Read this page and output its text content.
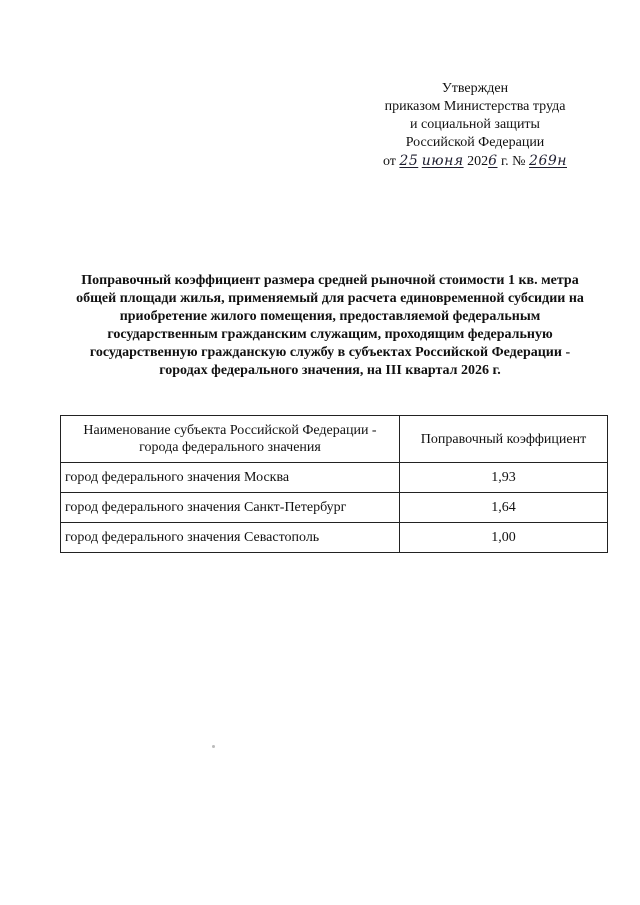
Утвержден
приказом Министерства труда
и социальной защиты
Российской Федерации
от 25 июня 2026 г. № 269н
Поправочный коэффициент размера средней рыночной стоимости 1 кв. метра
общей площади жилья, применяемый для расчета единовременной субсидии на
приобретение жилого помещения, предоставляемой федеральным
государственным гражданским служащим, проходящим федеральную
государственную гражданскую службу в субъектах Российской Федерации -
городах федерального значения, на III квартал 2026 г.
Наименование субъекта Российской Федерации - города федерального значения	Поправочный коэффициент
город федерального значения Москва	1,93
город федерального значения Санкт-Петербург	1,64
город федерального значения Севастополь	1,00
